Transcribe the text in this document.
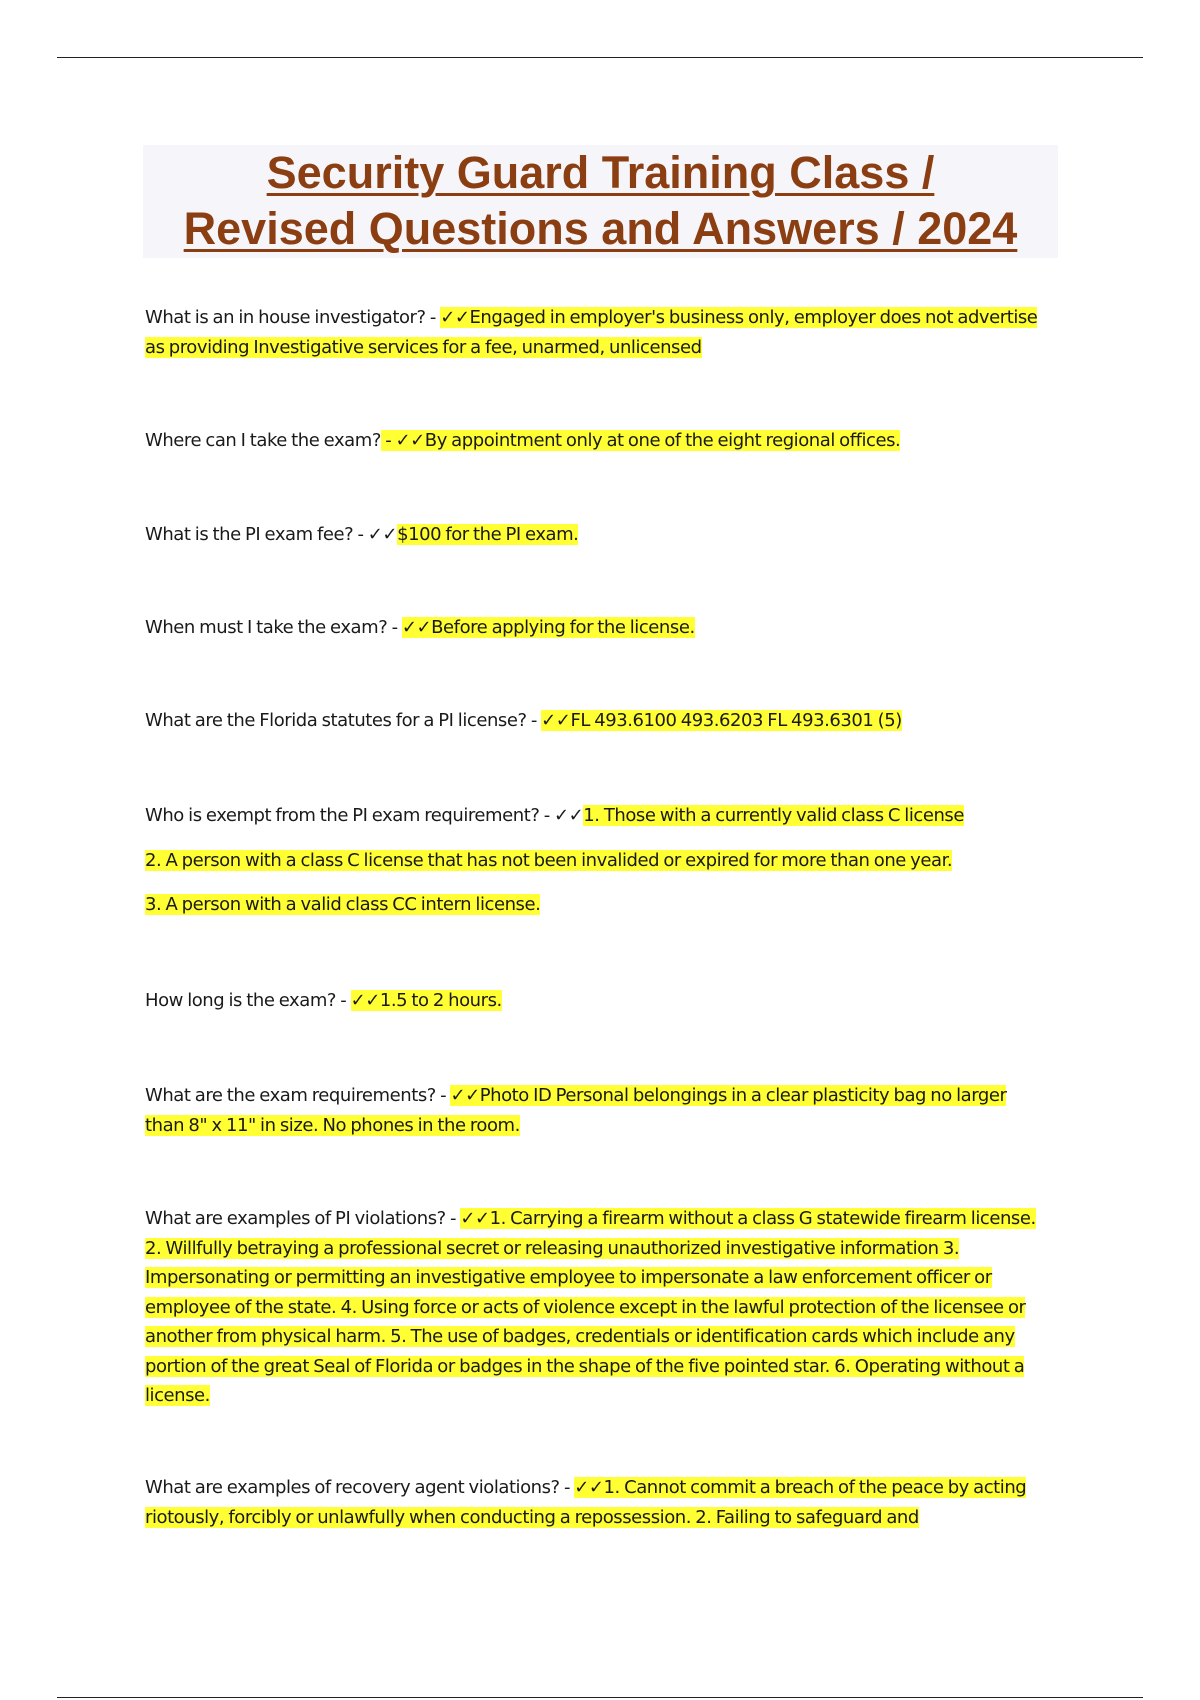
Security Guard Training Class /
Revised Questions and Answers / 2024
What is an in house investigator? - ✓✓Engaged in employer's business only, employer does not advertise as providing Investigative services for a fee, unarmed, unlicensed
Where can I take the exam? - ✓✓By appointment only at one of the eight regional offices.
What is the PI exam fee? - ✓✓$100 for the PI exam.
When must I take the exam? - ✓✓Before applying for the license.
What are the Florida statutes for a PI license? - ✓✓FL 493.6100 493.6203 FL 493.6301 (5)
Who is exempt from the PI exam requirement? - ✓✓1. Those with a currently valid class C license
2. A person with a class C license that has not been invalided or expired for more than one year.
3. A person with a valid class CC intern license.
How long is the exam? - ✓✓1.5 to 2 hours.
What are the exam requirements? - ✓✓Photo ID Personal belongings in a clear plasticity bag no larger than 8" x 11" in size. No phones in the room.
What are examples of PI violations? - ✓✓1. Carrying a firearm without a class G statewide firearm license. 2. Willfully betraying a professional secret or releasing unauthorized investigative information 3. Impersonating or permitting an investigative employee to impersonate a law enforcement officer or employee of the state. 4. Using force or acts of violence except in the lawful protection of the licensee or another from physical harm. 5. The use of badges, credentials or identification cards which include any portion of the great Seal of Florida or badges in the shape of the five pointed star. 6. Operating without a license.
What are examples of recovery agent violations? - ✓✓1. Cannot commit a breach of the peace by acting riotously, forcibly or unlawfully when conducting a repossession. 2. Failing to safeguard and
